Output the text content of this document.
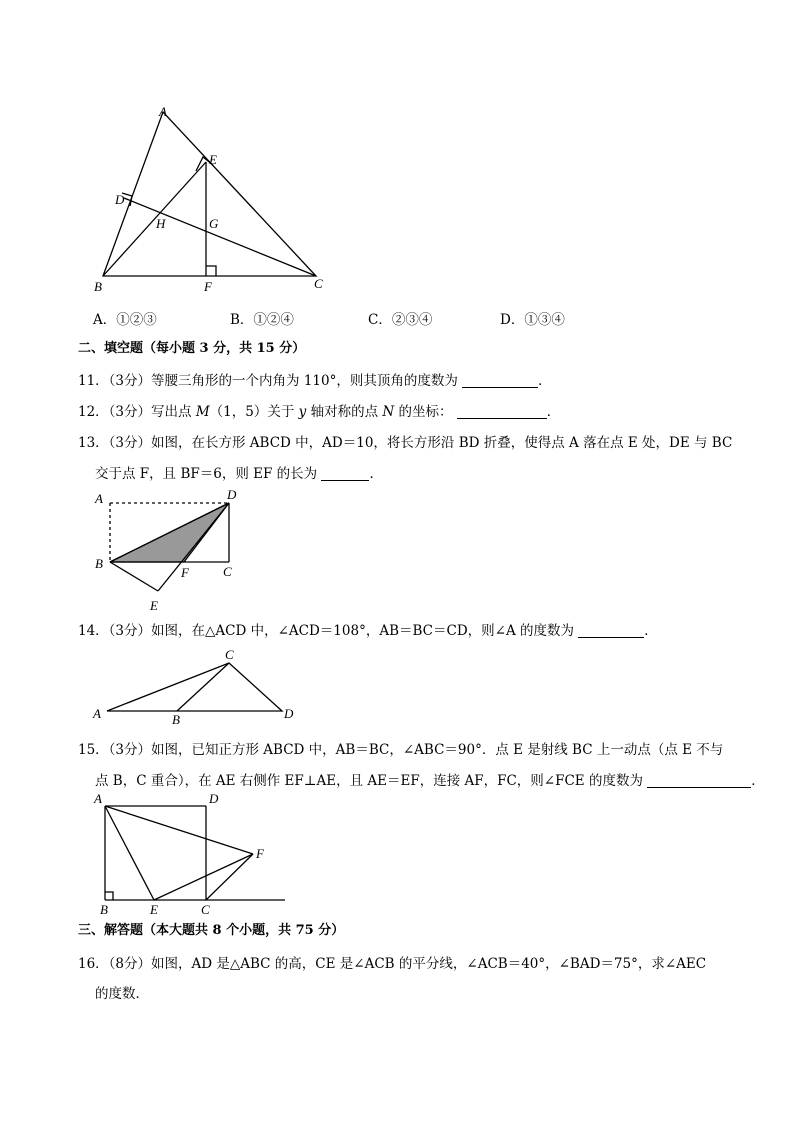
A
E
D
H	G
B	F	C
A．①②③	B．①②④	C．②③④	D．①③④
二、填空题（每小题 3 分，共 15 分）
11．（3分）等腰三角形的一个内角为 110°，则其顶角的度数为	．
12．（3分）写出点 M（1，5）关于 y 轴对称的点 N 的坐标：	．
13．（3分）如图，在长方形 ABCD 中，AD＝10，将长方形沿 BD 折叠，使得点 A 落在点 E 处，DE 与 BC
交于点 F，且 BF＝6，则 EF 的长为	．
A	D
B
C
F
E
14．（3分）如图，在△ACD 中，∠ACD＝108°，AB＝BC＝CD，则∠A 的度数为	．
C
A	B	D
15．（3分）如图，已知正方形 ABCD 中，AB＝BC，∠ABC＝90°．点 E 是射线 BC 上一动点（点 E 不与
点 B，C 重合），在 AE 右侧作 EF⊥AE，且 AE＝EF，连接 AF，FC，则∠FCE 的度数为	．
A	D
F
B	E	C
三、解答题（本大题共 8 个小题，共 75 分）
16．（8分）如图，AD 是△ABC 的高，CE 是∠ACB 的平分线，∠ACB＝40°，∠BAD＝75°，求∠AEC
的度数．
